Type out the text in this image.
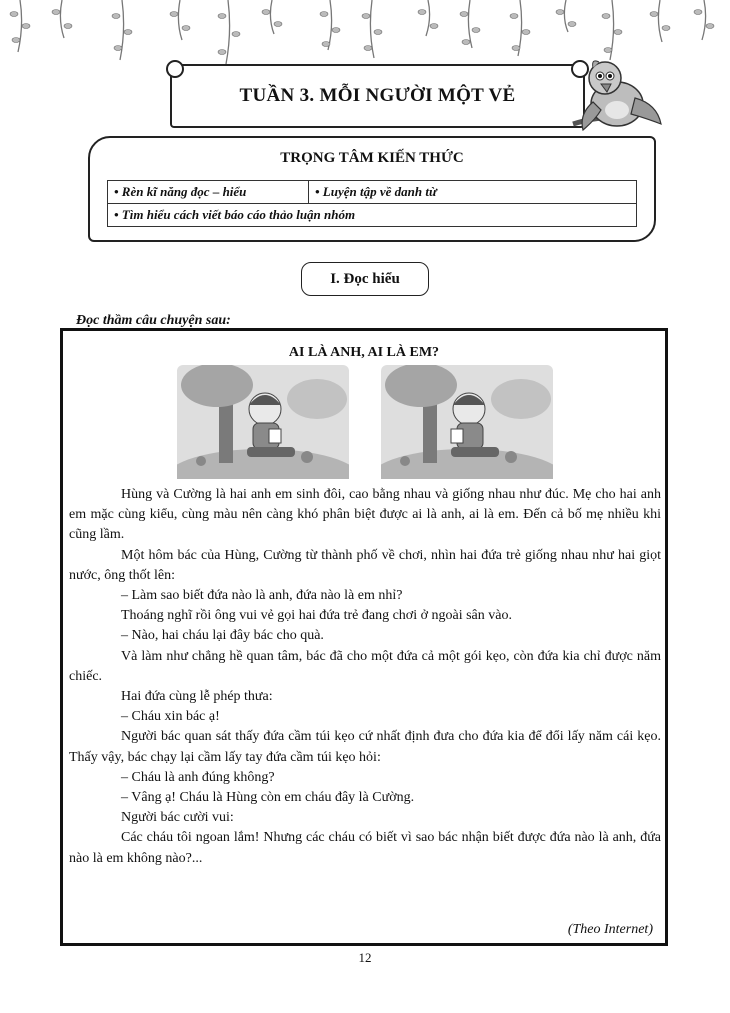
TUẦN 3. MỖI NGƯỜI MỘT VẺ
TRỌNG TÂM KIẾN THỨC
• Rèn kĩ năng đọc – hiểu	• Luyện tập về danh từ
• Tìm hiểu cách viết báo cáo thảo luận nhóm
I. Đọc hiểu
Đọc thầm câu chuyện sau:
AI LÀ ANH, AI LÀ EM?

Hùng và Cường là hai anh em sinh đôi, cao bằng nhau và giống nhau như đúc. Mẹ cho hai anh em mặc cùng kiểu, cùng màu nên càng khó phân biệt được ai là anh, ai là em. Đến cả bố mẹ nhiều khi cũng lầm.

Một hôm bác của Hùng, Cường từ thành phố về chơi, nhìn hai đứa trẻ giống nhau như hai giọt nước, ông thốt lên:

– Làm sao biết đứa nào là anh, đứa nào là em nhỉ?

Thoáng nghĩ rồi ông vui vẻ gọi hai đứa trẻ đang chơi ở ngoài sân vào.

– Nào, hai cháu lại đây bác cho quà.

Và làm như chẳng hề quan tâm, bác đã cho một đứa cả một gói kẹo, còn đứa kia chỉ được năm chiếc.

Hai đứa cùng lễ phép thưa:

– Cháu xin bác ạ!

Người bác quan sát thấy đứa cầm túi kẹo cứ nhất định đưa cho đứa kia để đổi lấy năm cái kẹo. Thấy vậy, bác chạy lại cầm lấy tay đứa cầm túi kẹo hỏi:

– Cháu là anh đúng không?

– Vâng ạ! Cháu là Hùng còn em cháu đây là Cường.

Người bác cười vui:

Các cháu tôi ngoan lắm! Nhưng các cháu có biết vì sao bác nhận biết được đứa nào là anh, đứa nào là em không nào?...

(Theo Internet)
12
